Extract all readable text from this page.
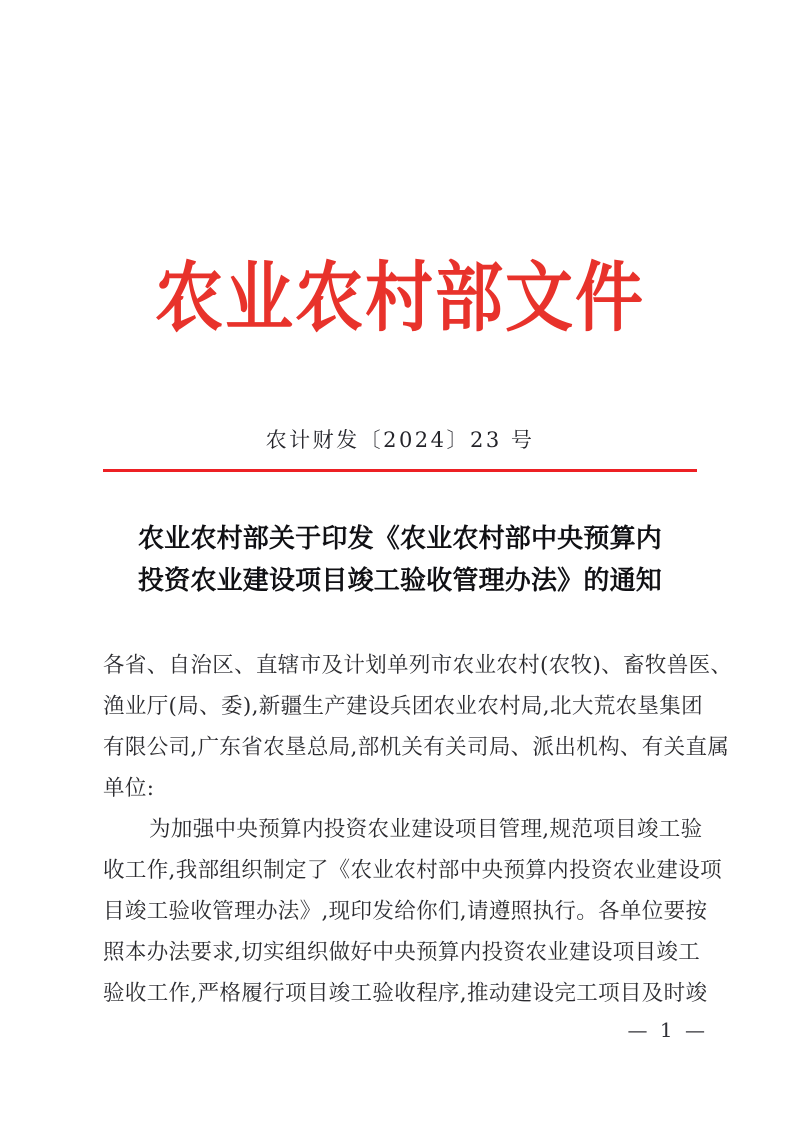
农业农村部文件
农计财发〔2024〕23 号
农业农村部关于印发《农业农村部中央预算内
投资农业建设项目竣工验收管理办法》的通知
各省、自治区、直辖市及计划单列市农业农村(农牧)、畜牧兽医、
渔业厅(局、委),新疆生产建设兵团农业农村局,北大荒农垦集团
有限公司,广东省农垦总局,部机关有关司局、派出机构、有关直属
单位:
为加强中央预算内投资农业建设项目管理,规范项目竣工验
收工作,我部组织制定了《农业农村部中央预算内投资农业建设项
目竣工验收管理办法》,现印发给你们,请遵照执行。各单位要按
照本办法要求,切实组织做好中央预算内投资农业建设项目竣工
验收工作,严格履行项目竣工验收程序,推动建设完工项目及时竣
— 1 —
